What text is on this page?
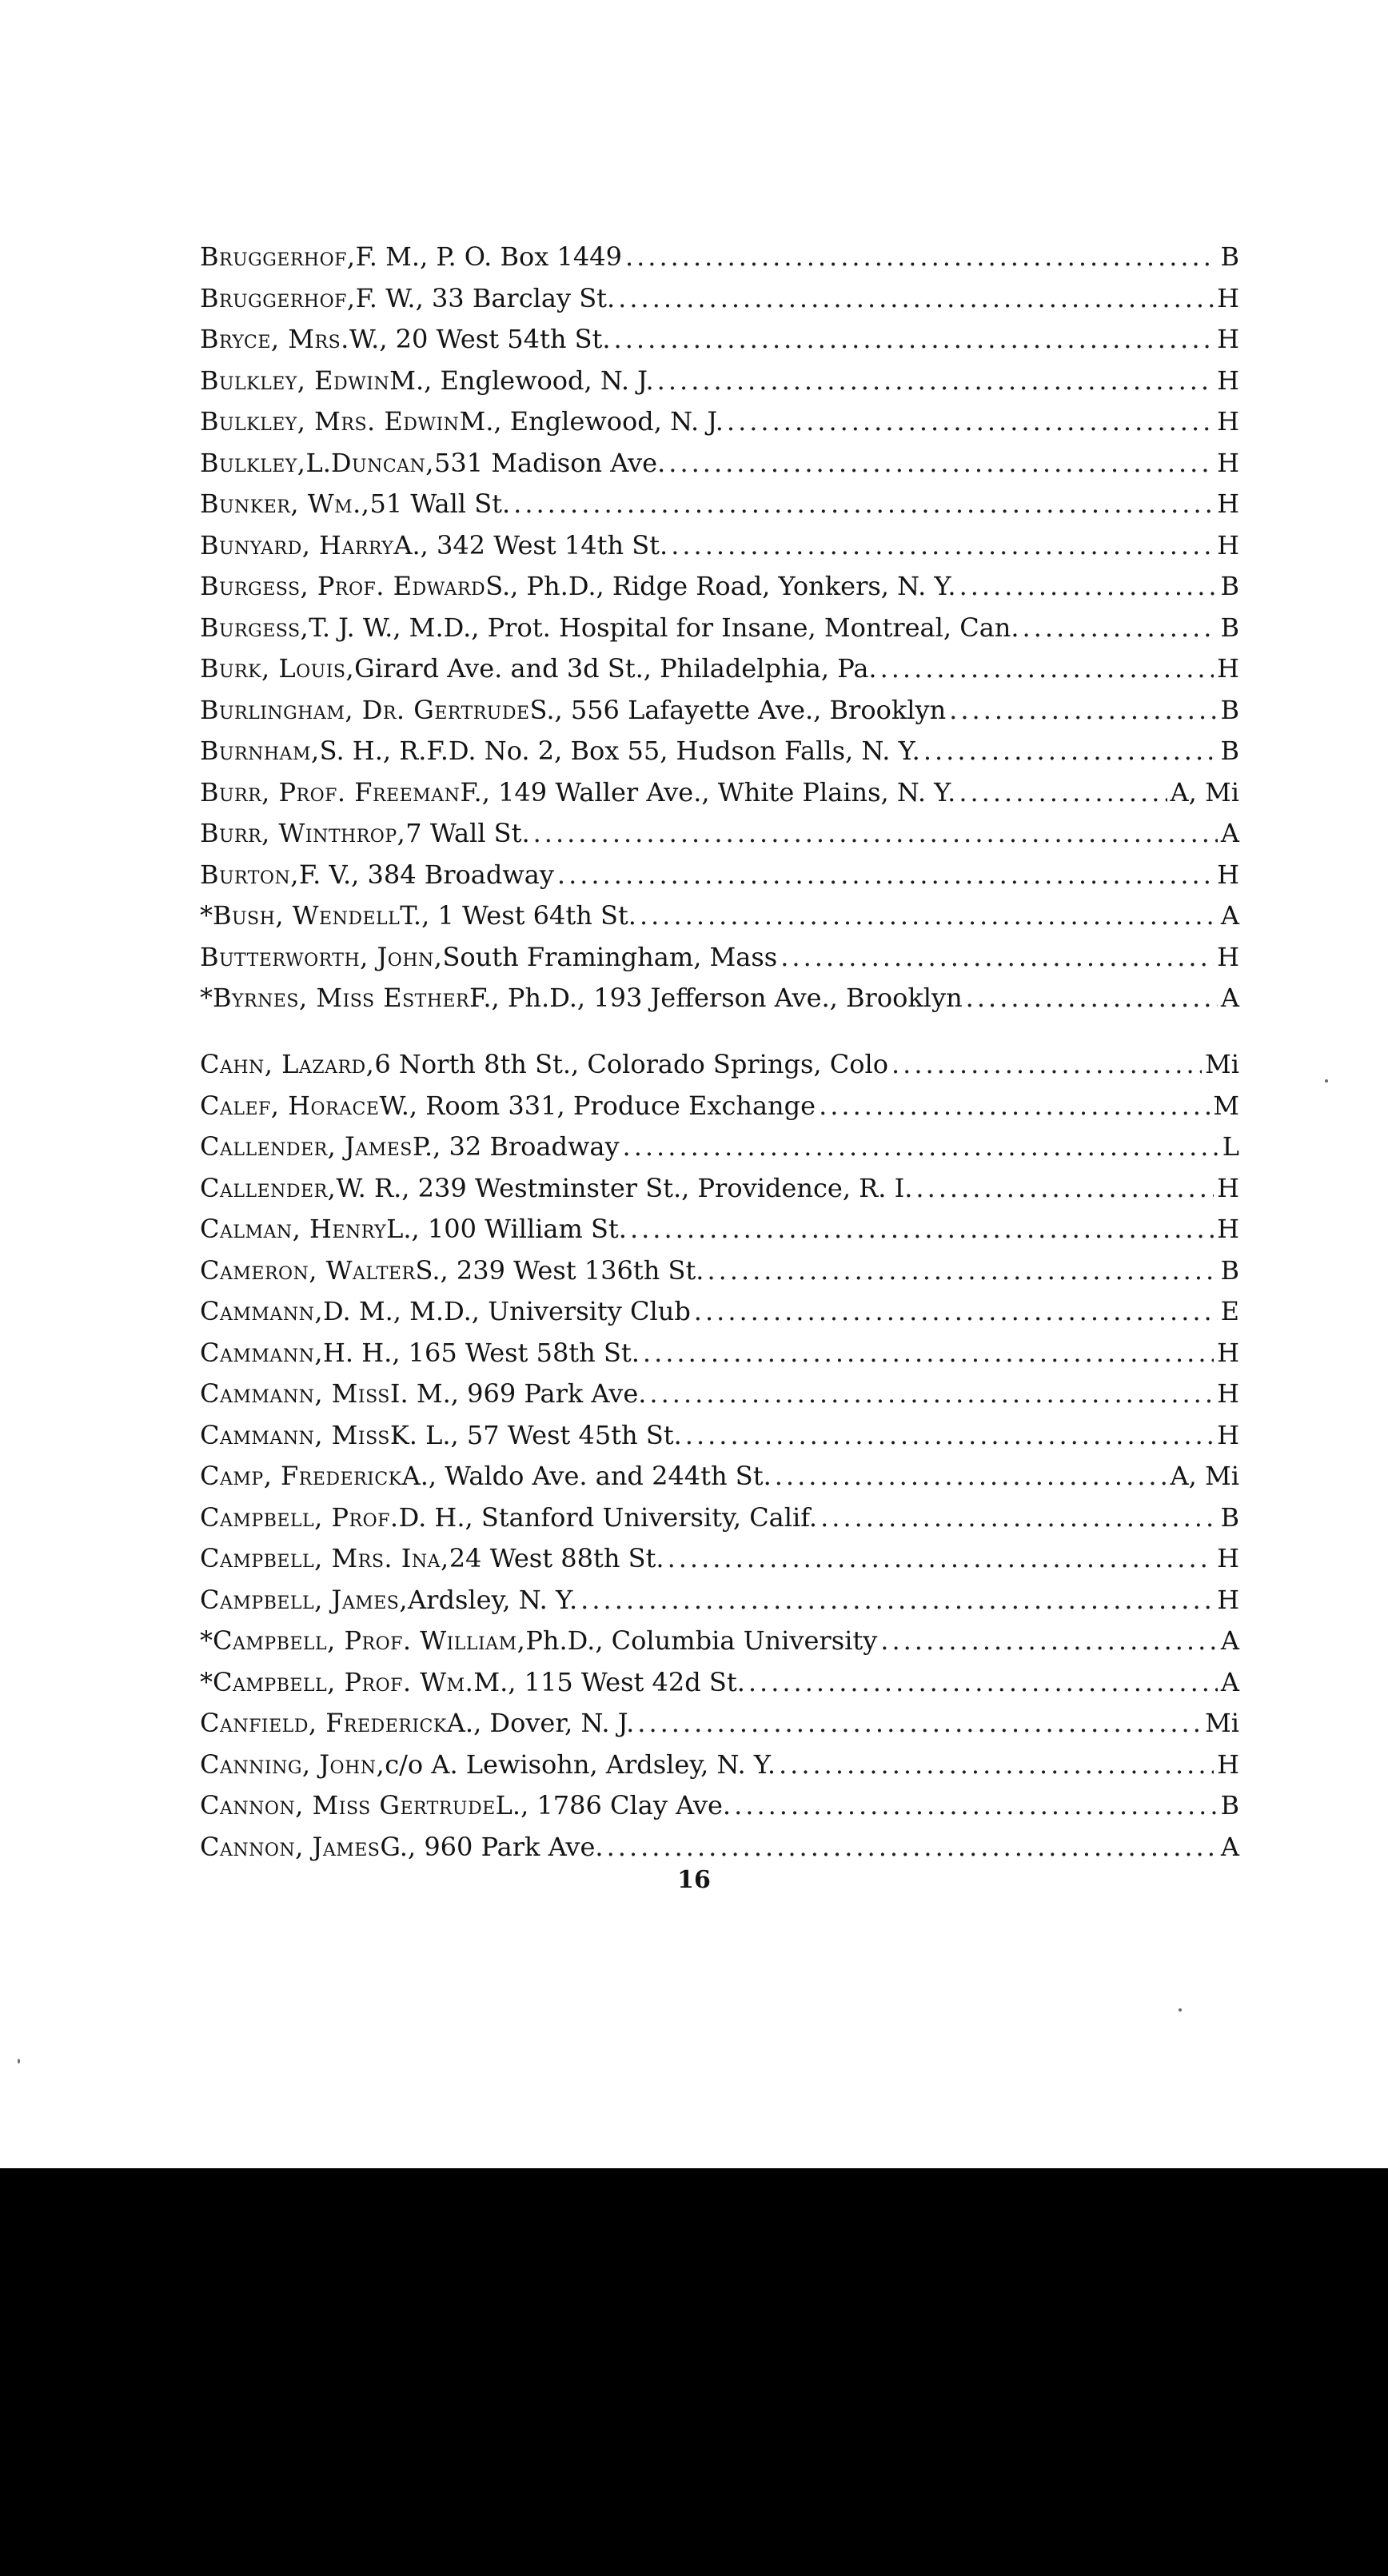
Bruggerhof, F. M., P. O. Box 1449 .....	B
Bruggerhof, F. W., 33 Barclay St. .....	H
Bryce, Mrs. W., 20 West 54th St. .....	H
Bulkley, Edwin M., Englewood, N. J. .....	H
Bulkley, Mrs. Edwin M., Englewood, N. J. .....	H
Bulkley, L. Duncan, 531 Madison Ave. .....	H
Bunker, Wm., 51 Wall St. .....	H
Bunyard, Harry A., 342 West 14th St. .....	H
Burgess, Prof. Edward S., Ph.D., Ridge Road, Yonkers, N. Y. .....	B
Burgess, T. J. W., M.D., Prot. Hospital for Insane, Montreal, Can. .....	B
Burk, Louis, Girard Ave. and 3d St., Philadelphia, Pa. .....	H
Burlingham, Dr. Gertrude S., 556 Lafayette Ave., Brooklyn .....	B
Burnham, S. H., R.F.D. No. 2, Box 55, Hudson Falls, N. Y. .....	B
Burr, Prof. Freeman F., 149 Waller Ave., White Plains, N. Y. .....	A, Mi
Burr, Winthrop, 7 Wall St. .....	A
Burton, F. V., 384 Broadway .....	H
* Bush, Wendell T., 1 West 64th St. .....	A
Butterworth, John, South Framingham, Mass .....	H
* Byrnes, Miss Esther F., Ph.D., 193 Jefferson Ave., Brooklyn .....	A
Cahn, Lazard, 6 North 8th St., Colorado Springs, Colo .....	Mi
Calef, Horace W., Room 331, Produce Exchange .....	M
Callender, James P., 32 Broadway .....	L
Callender, W. R., 239 Westminster St., Providence, R. I. .....	H
Calman, Henry L., 100 William St. .....	H
Cameron, Walter S., 239 West 136th St. .....	B
Cammann, D. M., M.D., University Club .....	E
Cammann, H. H., 165 West 58th St. .....	H
Cammann, Miss I. M., 969 Park Ave. .....	H
Cammann, Miss K. L., 57 West 45th St. .....	H
Camp, Frederick A., Waldo Ave. and 244th St. .....	A, Mi
Campbell, Prof. D. H., Stanford University, Calif. .....	B
Campbell, Mrs. Ina, 24 West 88th St. .....	H
Campbell, James, Ardsley, N. Y. .....	H
* Campbell, Prof. William, Ph.D., Columbia University .....	A
* Campbell, Prof. Wm. M., 115 West 42d St. .....	A
Canfield, Frederick A., Dover, N. J. .....	Mi
Canning, John, c/o A. Lewisohn, Ardsley, N. Y. .....	H
Cannon, Miss Gertrude L., 1786 Clay Ave. .....	B
Cannon, James G., 960 Park Ave. .....	A
16
